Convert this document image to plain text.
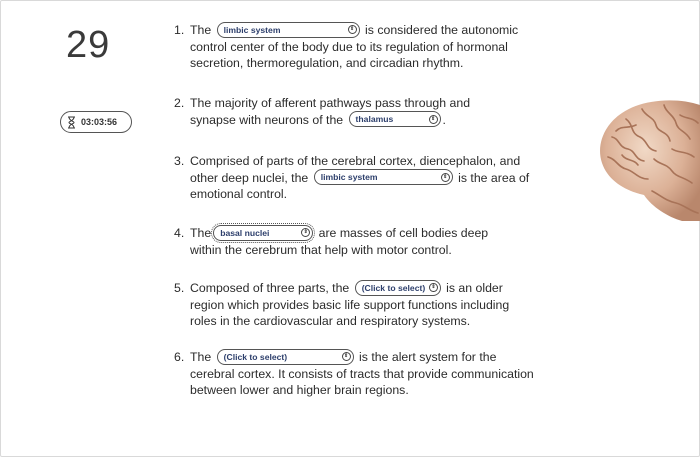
29
03:03:56
1. The limbic system	⇕ is considered the autonomic control center of the body due to its regulation of hormonal secretion, thermoregulation, and circadian rhythm.
2. The majority of afferent pathways pass through and synapse with neurons of the thalamus	⇕ .
3. Comprised of parts of the cerebral cortex, diencephalon, and other deep nuclei, the limbic system	⇕ is the area of emotional control.
4. The basal nuclei	⇕ are masses of cell bodies deep within the cerebrum that help with motor control.
5. Composed of three parts, the (Click to select)	⇕ is an older region which provides basic life support functions including roles in the cardiovascular and respiratory systems.
6. The (Click to select)	⇕ is the alert system for the cerebral cortex. It consists of tracts that provide communication between lower and higher brain regions.
